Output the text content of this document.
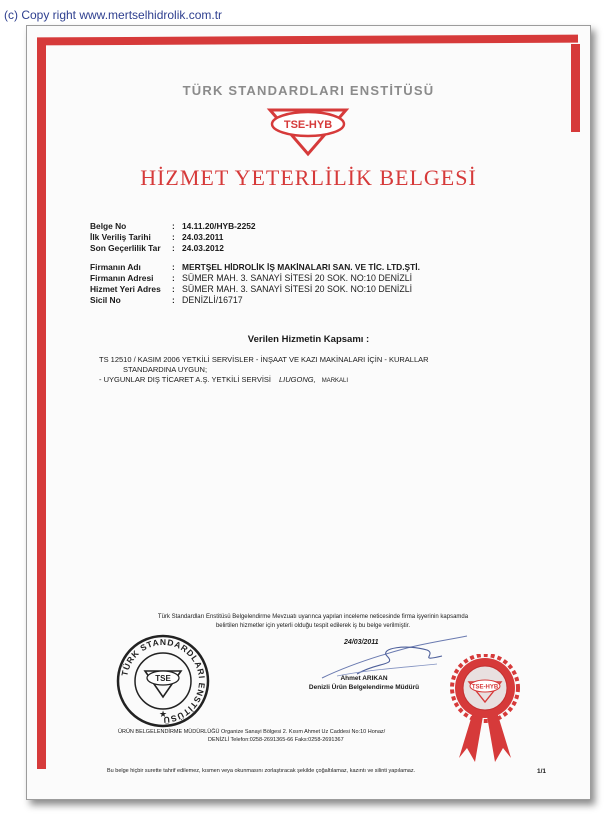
(c) Copy right www.mertselhidrolik.com.tr
TÜRK STANDARDLARI ENSTİTÜSÜ
TSE-HYB
HİZMET YETERLİLİK BELGESİ
Belge No	: 14.11.20/HYB-2252
İlk Veriliş Tarihi	: 24.03.2011
Son Geçerlilik Tar	: 24.03.2012
Firmanın Adı	: MERTŞEL HİDROLİK İŞ MAKİNALARI SAN. VE TİC. LTD.ŞTİ.
Firmanın Adresi	: SÜMER MAH. 3. SANAYİ SİTESİ 20 SOK. NO:10 DENİZLİ
Hizmet Yeri Adres	: SÜMER MAH. 3. SANAYİ SİTESİ 20 SOK. NO:10 DENİZLİ
Sicil No	: DENİZLİ/16717
Verilen Hizmetin Kapsamı :
TS 12510 / KASIM 2006 YETKİLİ SERVİSLER - İNŞAAT VE KAZI MAKİNALARI İÇİN - KURALLAR
STANDARDINA UYGUN;
- UYGUNLAR DIŞ TİCARET A.Ş. YETKİLİ SERVİSİ LIUGONG, MARKALI
Türk Standardları Enstitüsü Belgelendirme Mevzuatı uyarınca yapılan inceleme neticesinde firma işyerinin kapsamda
belirtilen hizmetler için yeterli olduğu tespit edilerek iş bu belge verilmiştir.
24/03/2011
Ahmet ARIKAN
Denizli Ürün Belgelendirme Müdürü
TÜRK STANDARDLARI ENSTİTÜSÜ
TSE
★
TSE-HYB
ÜRÜN BELGELENDİRME MÜDÜRLÜĞÜ Organize Sanayi Bölgesi 2. Kısım Ahmet Uz Caddesi No:10 Honaz/
DENİZLİ Telefon:0258-2691365-66 Faks:0258-2691367
Bu belge hiçbir surette tahrif edilemez, kısmen veya okunmasını zorlaştıracak şekilde çoğaltılamaz, kazıntı ve silinti yapılamaz.	1/1
